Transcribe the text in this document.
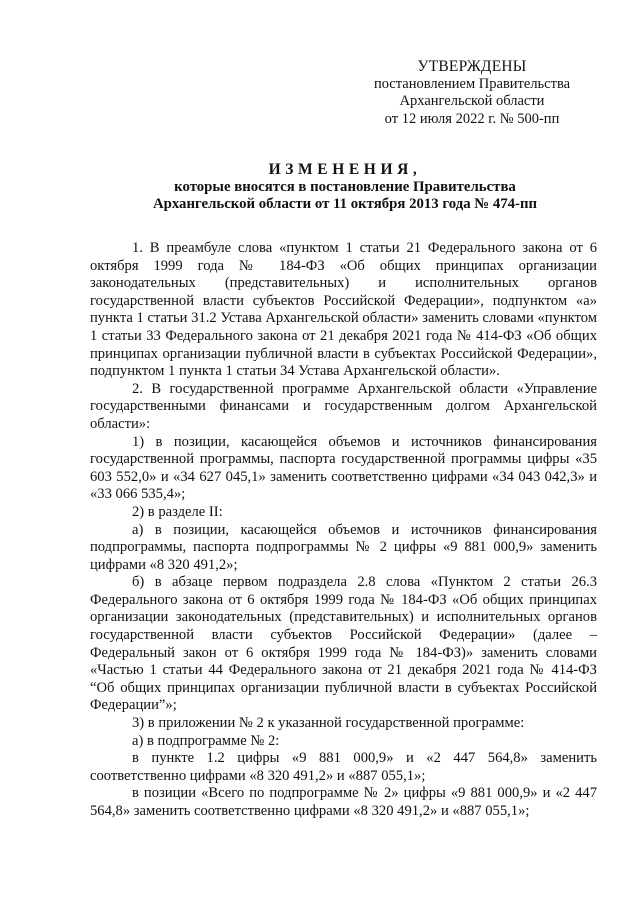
УТВЕРЖДЕНЫ
постановлением Правительства
Архангельской области
от 12 июля 2022 г. № 500-пп
ИЗМЕНЕНИЯ,
которые вносятся в постановление Правительства
Архангельской области от 11 октября 2013 года № 474-пп

1. В преамбуле слова «пунктом 1 статьи 21 Федерального закона от 6 октября 1999 года № 184-ФЗ «Об общих принципах организации законодательных (представительных) и исполнительных органов государственной власти субъектов Российской Федерации», подпунктом «а» пункта 1 статьи 31.2 Устава Архангельской области» заменить словами «пунктом 1 статьи 33 Федерального закона от 21 декабря 2021 года № 414-ФЗ «Об общих принципах организации публичной власти в субъектах Российской Федерации», подпунктом 1 пункта 1 статьи 34 Устава Архангельской области».

2. В государственной программе Архангельской области «Управление государственными финансами и государственным долгом Архангельской области»:

1) в позиции, касающейся объемов и источников финансирования государственной программы, паспорта государственной программы цифры «35 603 552,0» и «34 627 045,1» заменить соответственно цифрами «34 043 042,3» и «33 066 535,4»;

2) в разделе II:

а) в позиции, касающейся объемов и источников финансирования подпрограммы, паспорта подпрограммы № 2 цифры «9 881 000,9» заменить цифрами «8 320 491,2»;

б) в абзаце первом подраздела 2.8 слова «Пунктом 2 статьи 26.3 Федерального закона от 6 октября 1999 года № 184-ФЗ «Об общих принципах организации законодательных (представительных) и исполнительных органов государственной власти субъектов Российской Федерации» (далее – Федеральный закон от 6 октября 1999 года № 184-ФЗ)» заменить словами «Частью 1 статьи 44 Федерального закона от 21 декабря 2021 года № 414-ФЗ “Об общих принципах организации публичной власти в субъектах Российской Федерации”»;

3) в приложении № 2 к указанной государственной программе:

а) в подпрограмме № 2:

в пункте 1.2 цифры «9 881 000,9» и «2 447 564,8» заменить соответственно цифрами «8 320 491,2» и «887 055,1»;

в позиции «Всего по подпрограмме № 2» цифры «9 881 000,9» и «2 447 564,8» заменить соответственно цифрами «8 320 491,2» и «887 055,1»;
